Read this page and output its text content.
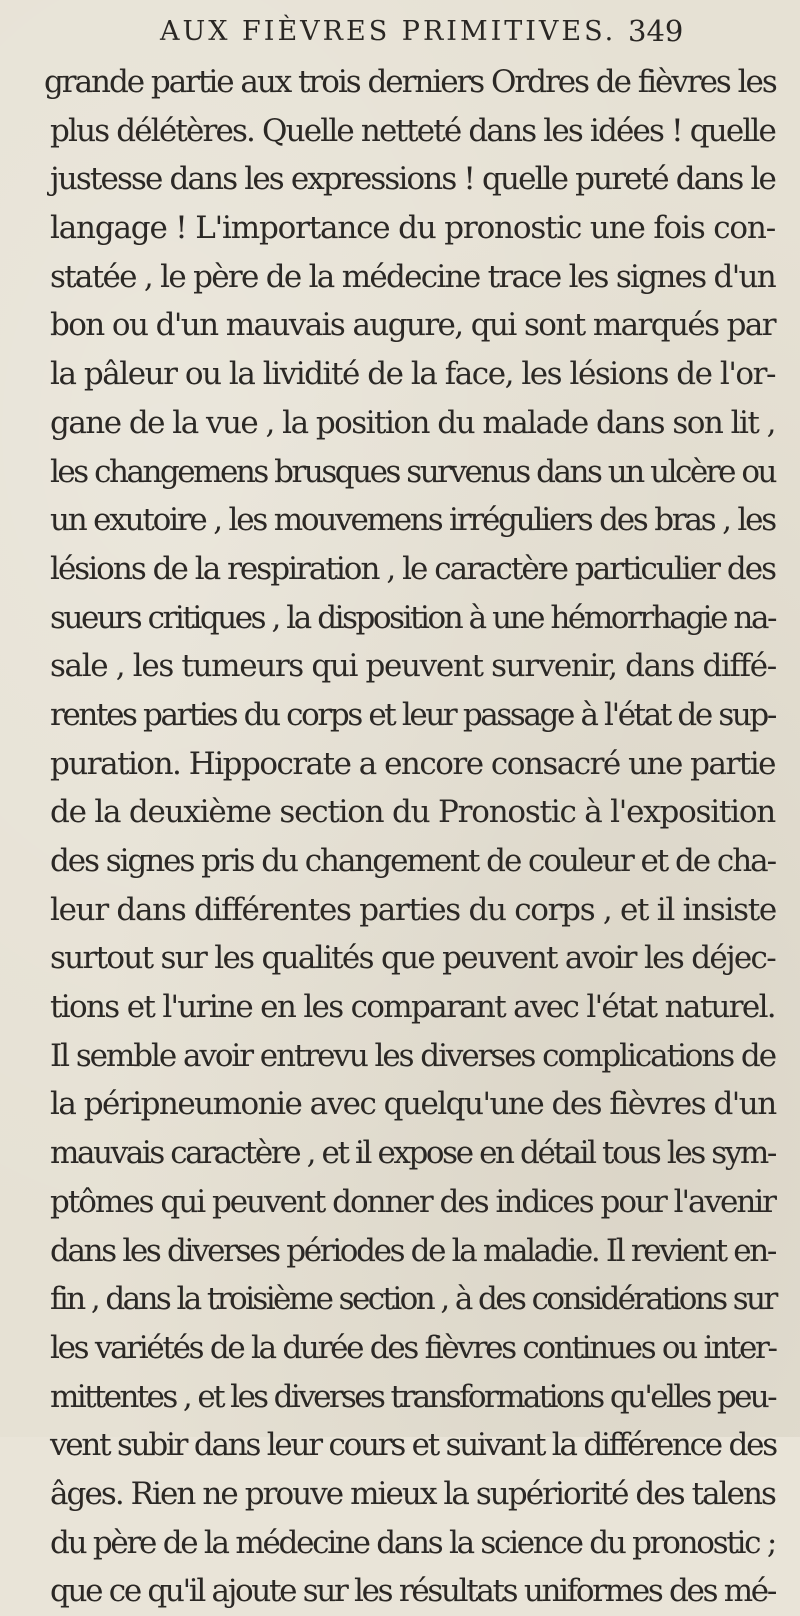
AUX FIÈVRES PRIMITIVES. 349
grande partie aux trois derniers Ordres de fièvres les
plus délétères. Quelle netteté dans les idées ! quelle
justesse dans les expressions ! quelle pureté dans le
langage ! L'importance du pronostic une fois con-
statée , le père de la médecine trace les signes d'un
bon ou d'un mauvais augure, qui sont marqués par
la pâleur ou la lividité de la face, les lésions de l'or-
gane de la vue , la position du malade dans son lit ,
les changemens brusques survenus dans un ulcère ou
un exutoire , les mouvemens irréguliers des bras , les
lésions de la respiration , le caractère particulier des
sueurs critiques , la disposition à une hémorrhagie na-
sale , les tumeurs qui peuvent survenir, dans diffé-
rentes parties du corps et leur passage à l'état de sup-
puration. Hippocrate a encore consacré une partie
de la deuxième section du Pronostic à l'exposition
des signes pris du changement de couleur et de cha-
leur dans différentes parties du corps , et il insiste
surtout sur les qualités que peuvent avoir les déjec-
tions et l'urine en les comparant avec l'état naturel.
Il semble avoir entrevu les diverses complications de
la péripneumonie avec quelqu'une des fièvres d'un
mauvais caractère , et il expose en détail tous les sym-
ptômes qui peuvent donner des indices pour l'avenir
dans les diverses périodes de la maladie. Il revient en-
fin , dans la troisième section , à des considérations sur
les variétés de la durée des fièvres continues ou inter-
mittentes , et les diverses transformations qu'elles peu-
vent subir dans leur cours et suivant la différence des
âges. Rien ne prouve mieux la supériorité des talens
du père de la médecine dans la science du pronostic ;
que ce qu'il ajoute sur les résultats uniformes des mé-
